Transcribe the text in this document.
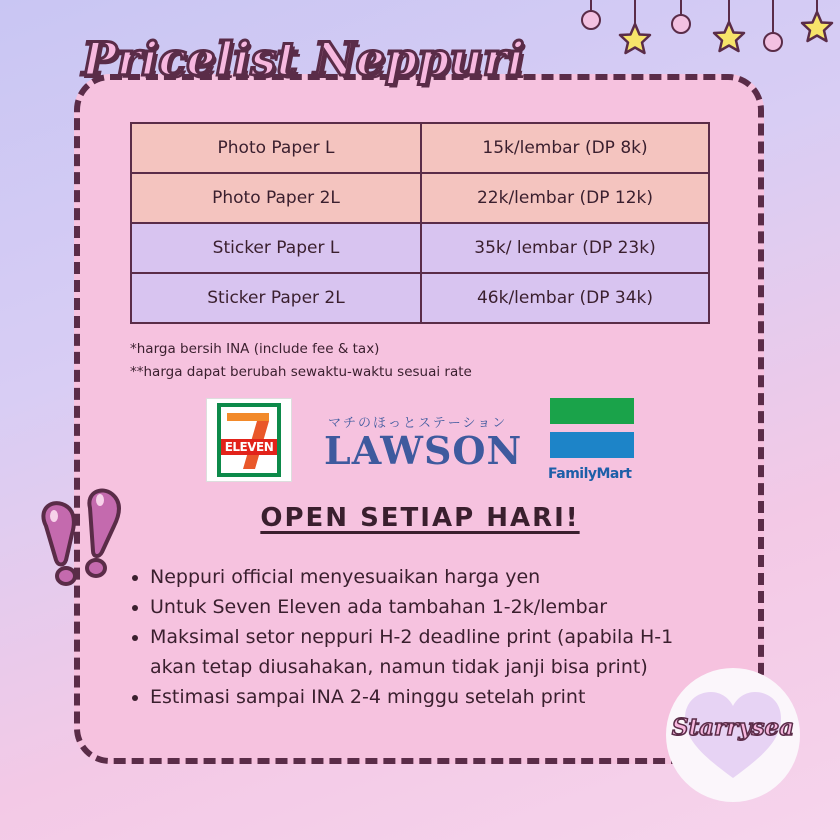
Pricelist Neppuri
Photo Paper L	15k/lembar (DP 8k)
Photo Paper 2L	22k/lembar (DP 12k)
Sticker Paper L	35k/ lembar (DP 23k)
Sticker Paper 2L	46k/lembar (DP 34k)
*harga bersih INA (include fee & tax)
**harga dapat berubah sewaktu-waktu sesuai rate
ELEVEN
マチのほっとステーション
LAWSON
FamilyMart
OPEN SETIAP HARI!
• Neppuri official menyesuaikan harga yen
• Untuk Seven Eleven ada tambahan 1-2k/lembar
• Maksimal setor neppuri H-2 deadline print (apabila H-1 akan tetap diusahakan, namun tidak janji bisa print)
• Estimasi sampai INA 2-4 minggu setelah print
Starrysea
